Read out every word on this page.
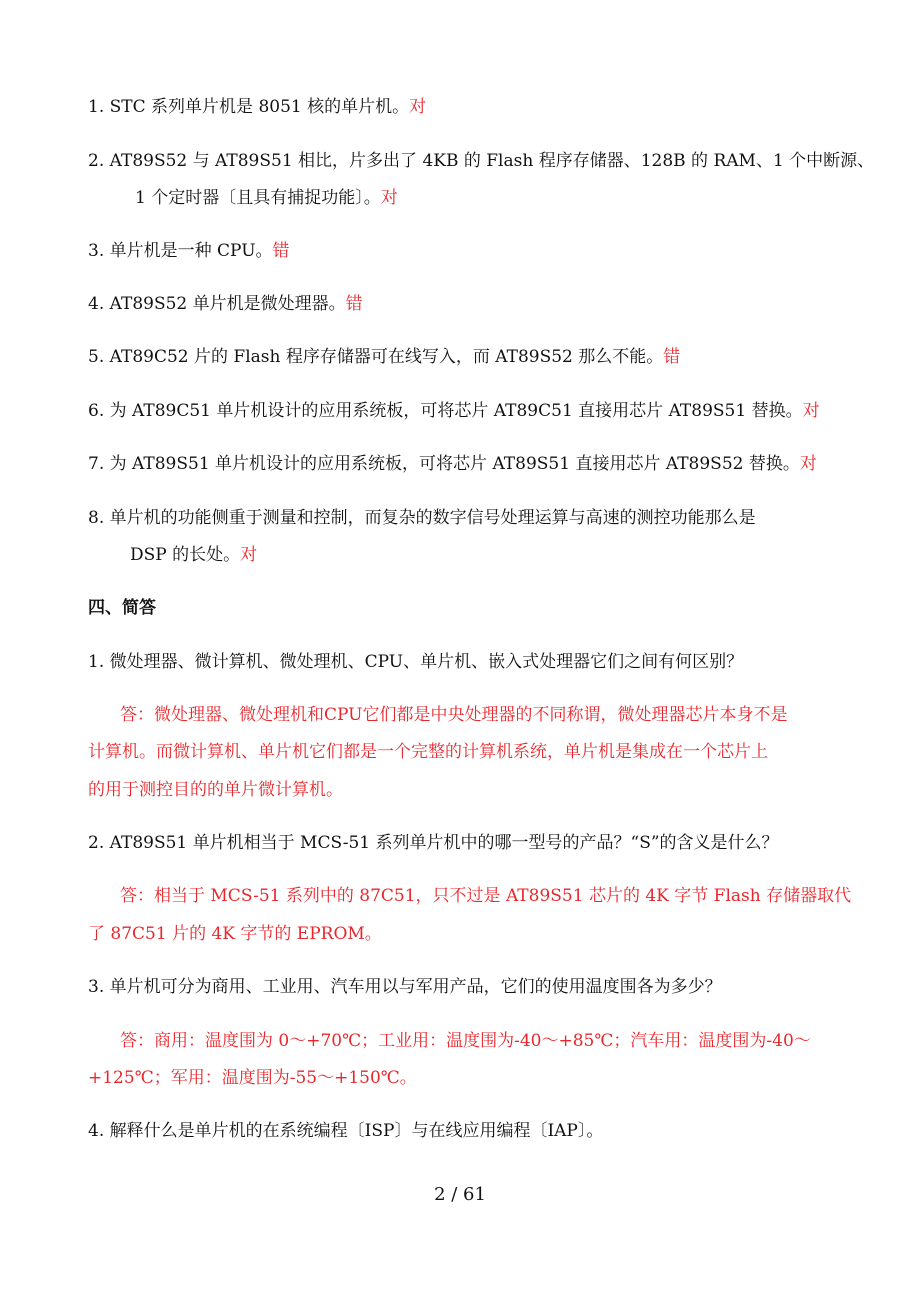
1. STC 系列单片机是 8051 核的单片机。对
2. AT89S52 与 AT89S51 相比，片多出了 4KB 的 Flash 程序存储器、128B 的 RAM、1 个中断源、
1 个定时器〔且具有捕捉功能〕。对
3. 单片机是一种 CPU。错
4. AT89S52 单片机是微处理器。错
5. AT89C52 片的 Flash 程序存储器可在线写入，而 AT89S52 那么不能。错
6. 为 AT89C51 单片机设计的应用系统板，可将芯片 AT89C51 直接用芯片 AT89S51 替换。对
7. 为 AT89S51 单片机设计的应用系统板，可将芯片 AT89S51 直接用芯片 AT89S52 替换。对
8. 单片机的功能侧重于测量和控制，而复杂的数字信号处理运算与高速的测控功能那么是
DSP 的长处。对
四、简答
1. 微处理器、微计算机、微处理机、CPU、单片机、嵌入式处理器它们之间有何区别？
答：微处理器、微处理机和CPU它们都是中央处理器的不同称谓，微处理器芯片本身不是
计算机。而微计算机、单片机它们都是一个完整的计算机系统，单片机是集成在一个芯片上
的用于测控目的的单片微计算机。
2. AT89S51 单片机相当于 MCS-51 系列单片机中的哪一型号的产品？“S”的含义是什么？
答：相当于 MCS-51 系列中的 87C51，只不过是 AT89S51 芯片的 4K 字节 Flash 存储器取代
了 87C51 片的 4K 字节的 EPROM。
3. 单片机可分为商用、工业用、汽车用以与军用产品，它们的使用温度围各为多少？
答：商用：温度围为 0～+70℃；工业用：温度围为-40～+85℃；汽车用：温度围为-40～
+125℃；军用：温度围为-55～+150℃。
4. 解释什么是单片机的在系统编程〔ISP〕与在线应用编程〔IAP〕。
2 / 61
